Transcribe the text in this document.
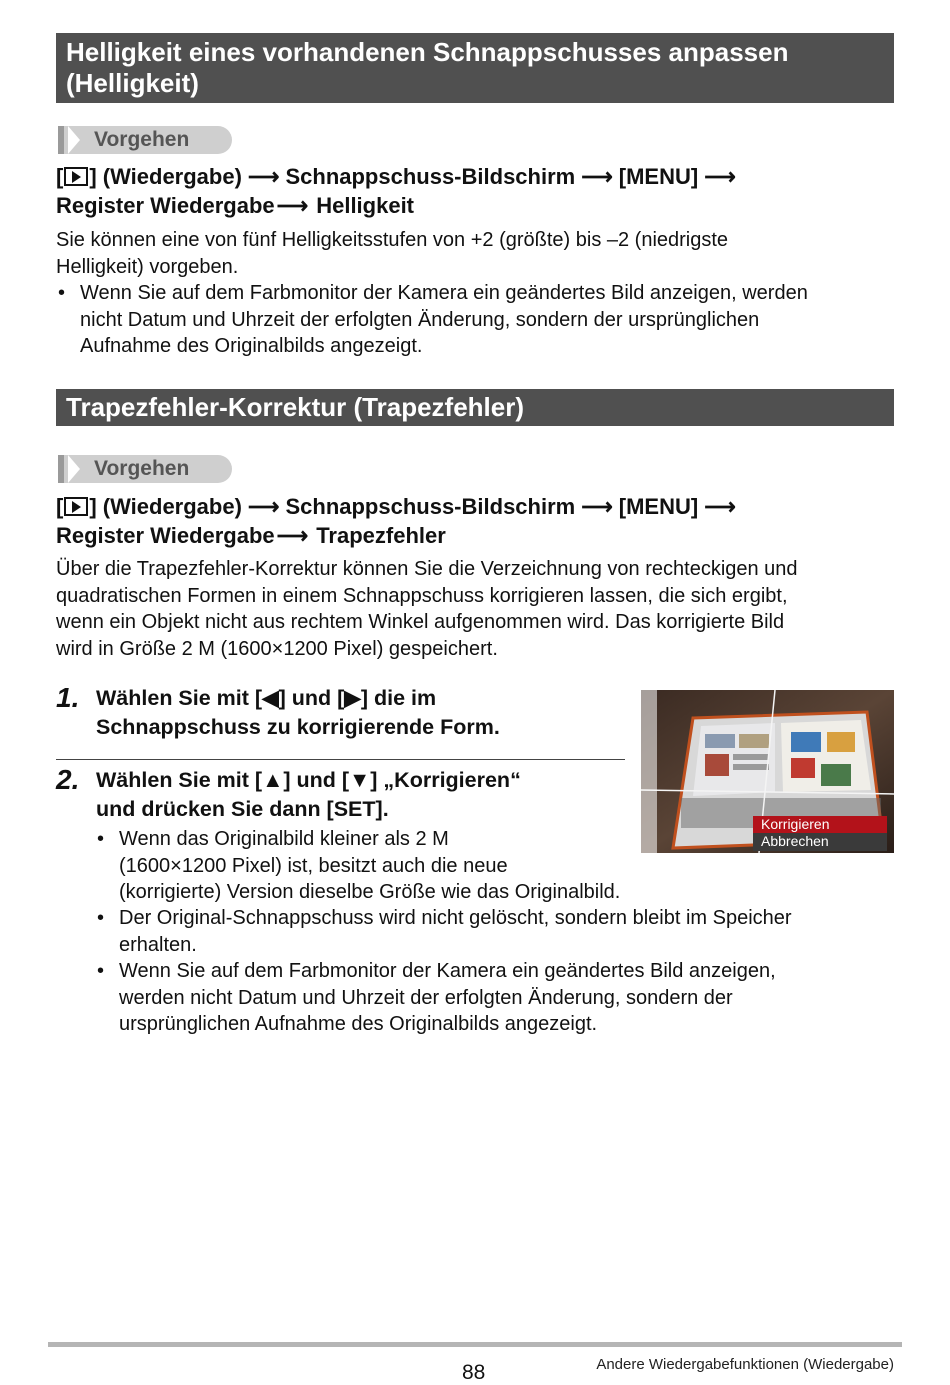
Helligkeit eines vorhandenen Schnappschusses anpassen
(Helligkeit)
Vorgehen
[ ] (Wiedergabe) ⟶ Schnappschuss-Bildschirm ⟶ [MENU] ⟶
Register Wiedergabe⟶ Helligkeit
Sie können eine von fünf Helligkeitsstufen von +2 (größte) bis –2 (niedrigste
Helligkeit) vorgeben.
• Wenn Sie auf dem Farbmonitor der Kamera ein geändertes Bild anzeigen, werden
nicht Datum und Uhrzeit der erfolgten Änderung, sondern der ursprünglichen
Aufnahme des Originalbilds angezeigt.
Trapezfehler-Korrektur (Trapezfehler)
Vorgehen
[ ] (Wiedergabe) ⟶ Schnappschuss-Bildschirm ⟶ [MENU] ⟶
Register Wiedergabe⟶ Trapezfehler
Über die Trapezfehler-Korrektur können Sie die Verzeichnung von rechteckigen und
quadratischen Formen in einem Schnappschuss korrigieren lassen, die sich ergibt,
wenn ein Objekt nicht aus rechtem Winkel aufgenommen wird. Das korrigierte Bild
wird in Größe 2 M (1600×1200 Pixel) gespeichert.
1. Wählen Sie mit [◀] und [▶] die im
Schnappschuss zu korrigierende Form.
2. Wählen Sie mit [▲] und [▼] „Korrigieren“
und drücken Sie dann [SET].
• Wenn das Originalbild kleiner als 2 M
(1600×1200 Pixel) ist, besitzt auch die neue
(korrigierte) Version dieselbe Größe wie das Originalbild.
• Der Original-Schnappschuss wird nicht gelöscht, sondern bleibt im Speicher
erhalten.
• Wenn Sie auf dem Farbmonitor der Kamera ein geändertes Bild anzeigen,
werden nicht Datum und Uhrzeit der erfolgten Änderung, sondern der
ursprünglichen Aufnahme des Originalbilds angezeigt.
Korrigieren
Abbrechen
88	Andere Wiedergabefunktionen (Wiedergabe)
